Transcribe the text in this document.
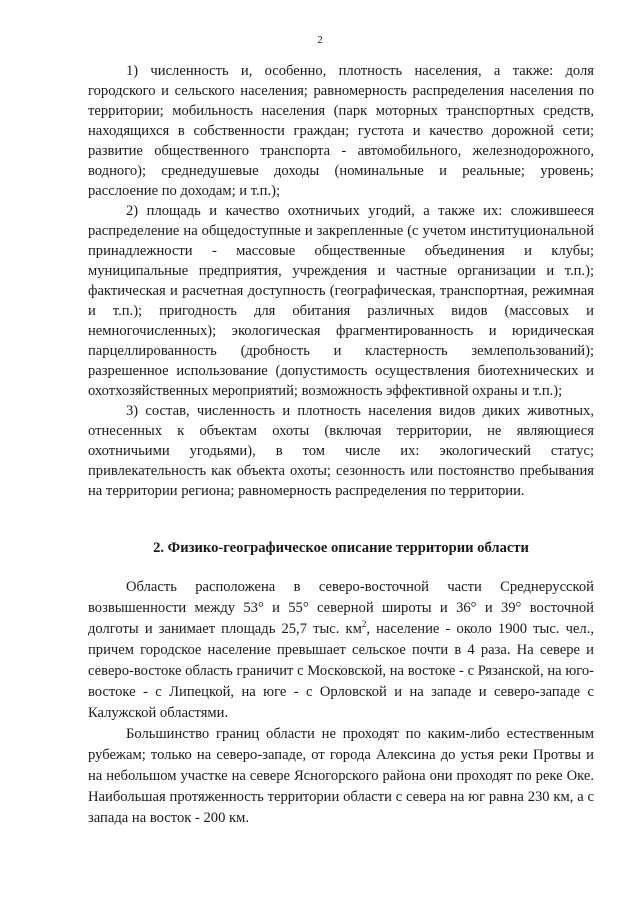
2

1) численность и, особенно, плотность населения, а также: доля городского и сельского населения; равномерность распределения населения по территории; мобильность населения (парк моторных транспортных средств, находящихся в собственности граждан; густота и качество дорожной сети; развитие общественного транспорта - автомобильного, железнодорожного, водного); среднедушевые доходы (номинальные и реальные; уровень; расслоение по доходам; и т.п.);

2) площадь и качество охотничьих угодий, а также их: сложившееся распределение на общедоступные и закрепленные (с учетом институциональной принадлежности - массовые общественные объединения и клубы; муниципальные предприятия, учреждения и частные организации и т.п.); фактическая и расчетная доступность (географическая, транспортная, режимная и т.п.); пригодность для обитания различных видов (массовых и немногочисленных); экологическая фрагментированность и юридическая парцеллированность (дробность и кластерность землепользований); разрешенное использование (допустимость осуществления биотехнических и охотхозяйственных мероприятий; возможность эффективной охраны и т.п.);

3) состав, численность и плотность населения видов диких животных, отнесенных к объектам охоты (включая территории, не являющиеся охотничьими угодьями), в том числе их: экологический статус; привлекательность как объекта охоты; сезонность или постоянство пребывания на территории региона; равномерность распределения по территории.

2. Физико-географическое описание территории области

Область расположена в северо-восточной части Среднерусской возвышенности между 53° и 55° северной широты и 36° и 39° восточной долготы и занимает площадь 25,7 тыс. $км^2$, население - около 1900 тыс. чел., причем городское население превышает сельское почти в 4 раза. На севере и северо-востоке область граничит с Московской, на востоке - с Рязанской, на юго-востоке - с Липецкой, на юге - с Орловской и на западе и северо-западе с Калужской областями.

Большинство границ области не проходят по каким-либо естественным рубежам; только на северо-западе, от города Алексина до устья реки Протвы и на небольшом участке на севере Ясногорского района они проходят по реке Оке. Наибольшая протяженность территории области с севера на юг равна 230 км, а с запада на восток - 200 км.
